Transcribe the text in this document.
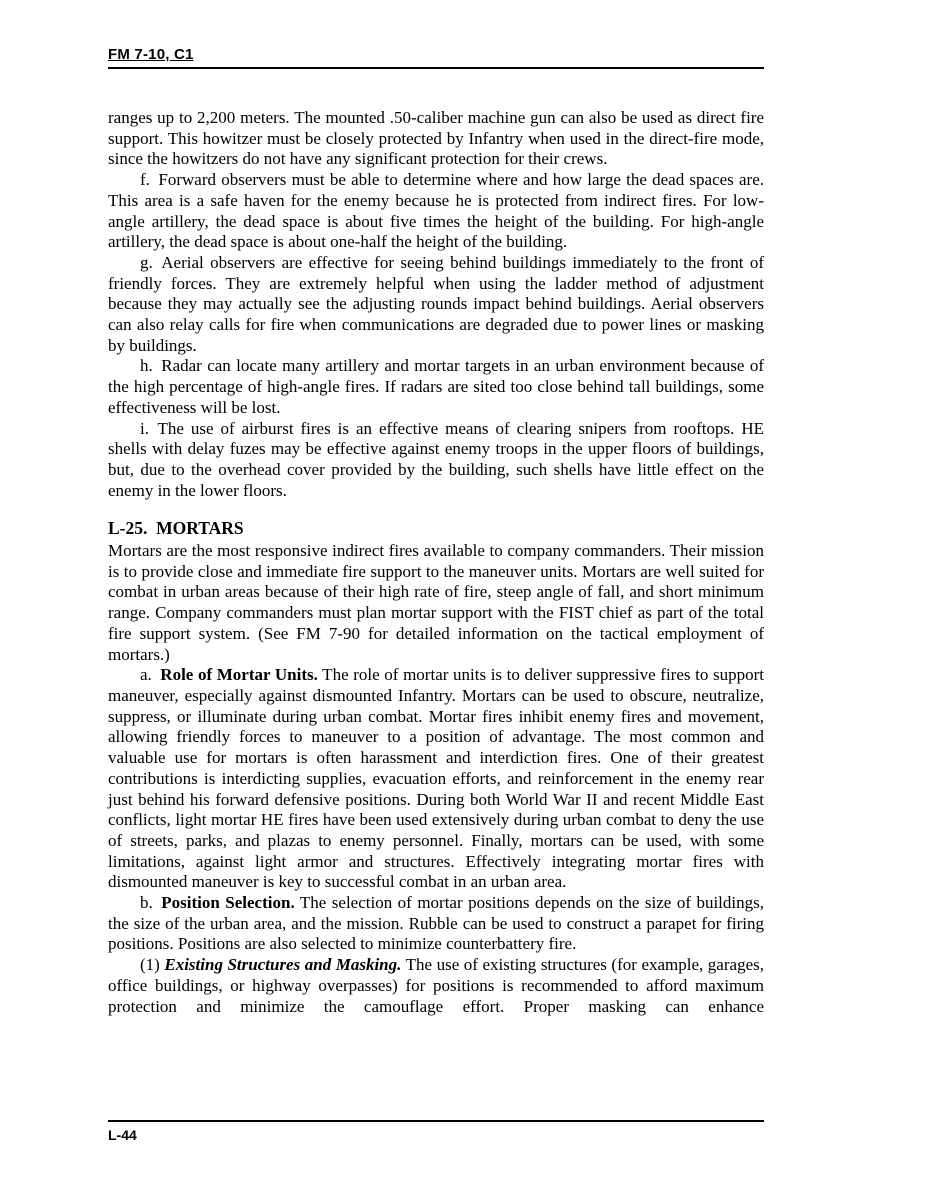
FM 7-10, C1

ranges up to 2,200 meters. The mounted .50-caliber machine gun can also be used as direct fire support. This howitzer must be closely protected by Infantry when used in the direct-fire mode, since the howitzers do not have any significant protection for their crews.

f. Forward observers must be able to determine where and how large the dead spaces are. This area is a safe haven for the enemy because he is protected from indirect fires. For low-angle artillery, the dead space is about five times the height of the building. For high-angle artillery, the dead space is about one-half the height of the building.

g. Aerial observers are effective for seeing behind buildings immediately to the front of friendly forces. They are extremely helpful when using the ladder method of adjustment because they may actually see the adjusting rounds impact behind buildings. Aerial observers can also relay calls for fire when communications are degraded due to power lines or masking by buildings.

h. Radar can locate many artillery and mortar targets in an urban environment because of the high percentage of high-angle fires. If radars are sited too close behind tall buildings, some effectiveness will be lost.

i. The use of airburst fires is an effective means of clearing snipers from rooftops. HE shells with delay fuzes may be effective against enemy troops in the upper floors of buildings, but, due to the overhead cover provided by the building, such shells have little effect on the enemy in the lower floors.

L-25. MORTARS

Mortars are the most responsive indirect fires available to company commanders. Their mission is to provide close and immediate fire support to the maneuver units. Mortars are well suited for combat in urban areas because of their high rate of fire, steep angle of fall, and short minimum range. Company commanders must plan mortar support with the FIST chief as part of the total fire support system. (See FM 7-90 for detailed information on the tactical employment of mortars.)

a. Role of Mortar Units. The role of mortar units is to deliver suppressive fires to support maneuver, especially against dismounted Infantry. Mortars can be used to obscure, neutralize, suppress, or illuminate during urban combat. Mortar fires inhibit enemy fires and movement, allowing friendly forces to maneuver to a position of advantage. The most common and valuable use for mortars is often harassment and interdiction fires. One of their greatest contributions is interdicting supplies, evacuation efforts, and reinforcement in the enemy rear just behind his forward defensive positions. During both World War II and recent Middle East conflicts, light mortar HE fires have been used extensively during urban combat to deny the use of streets, parks, and plazas to enemy personnel. Finally, mortars can be used, with some limitations, against light armor and structures. Effectively integrating mortar fires with dismounted maneuver is key to successful combat in an urban area.

b. Position Selection. The selection of mortar positions depends on the size of buildings, the size of the urban area, and the mission. Rubble can be used to construct a parapet for firing positions. Positions are also selected to minimize counterbattery fire.

(1) Existing Structures and Masking. The use of existing structures (for example, garages, office buildings, or highway overpasses) for positions is recommended to afford maximum protection and minimize the camouflage effort. Proper masking can enhance

L-44
